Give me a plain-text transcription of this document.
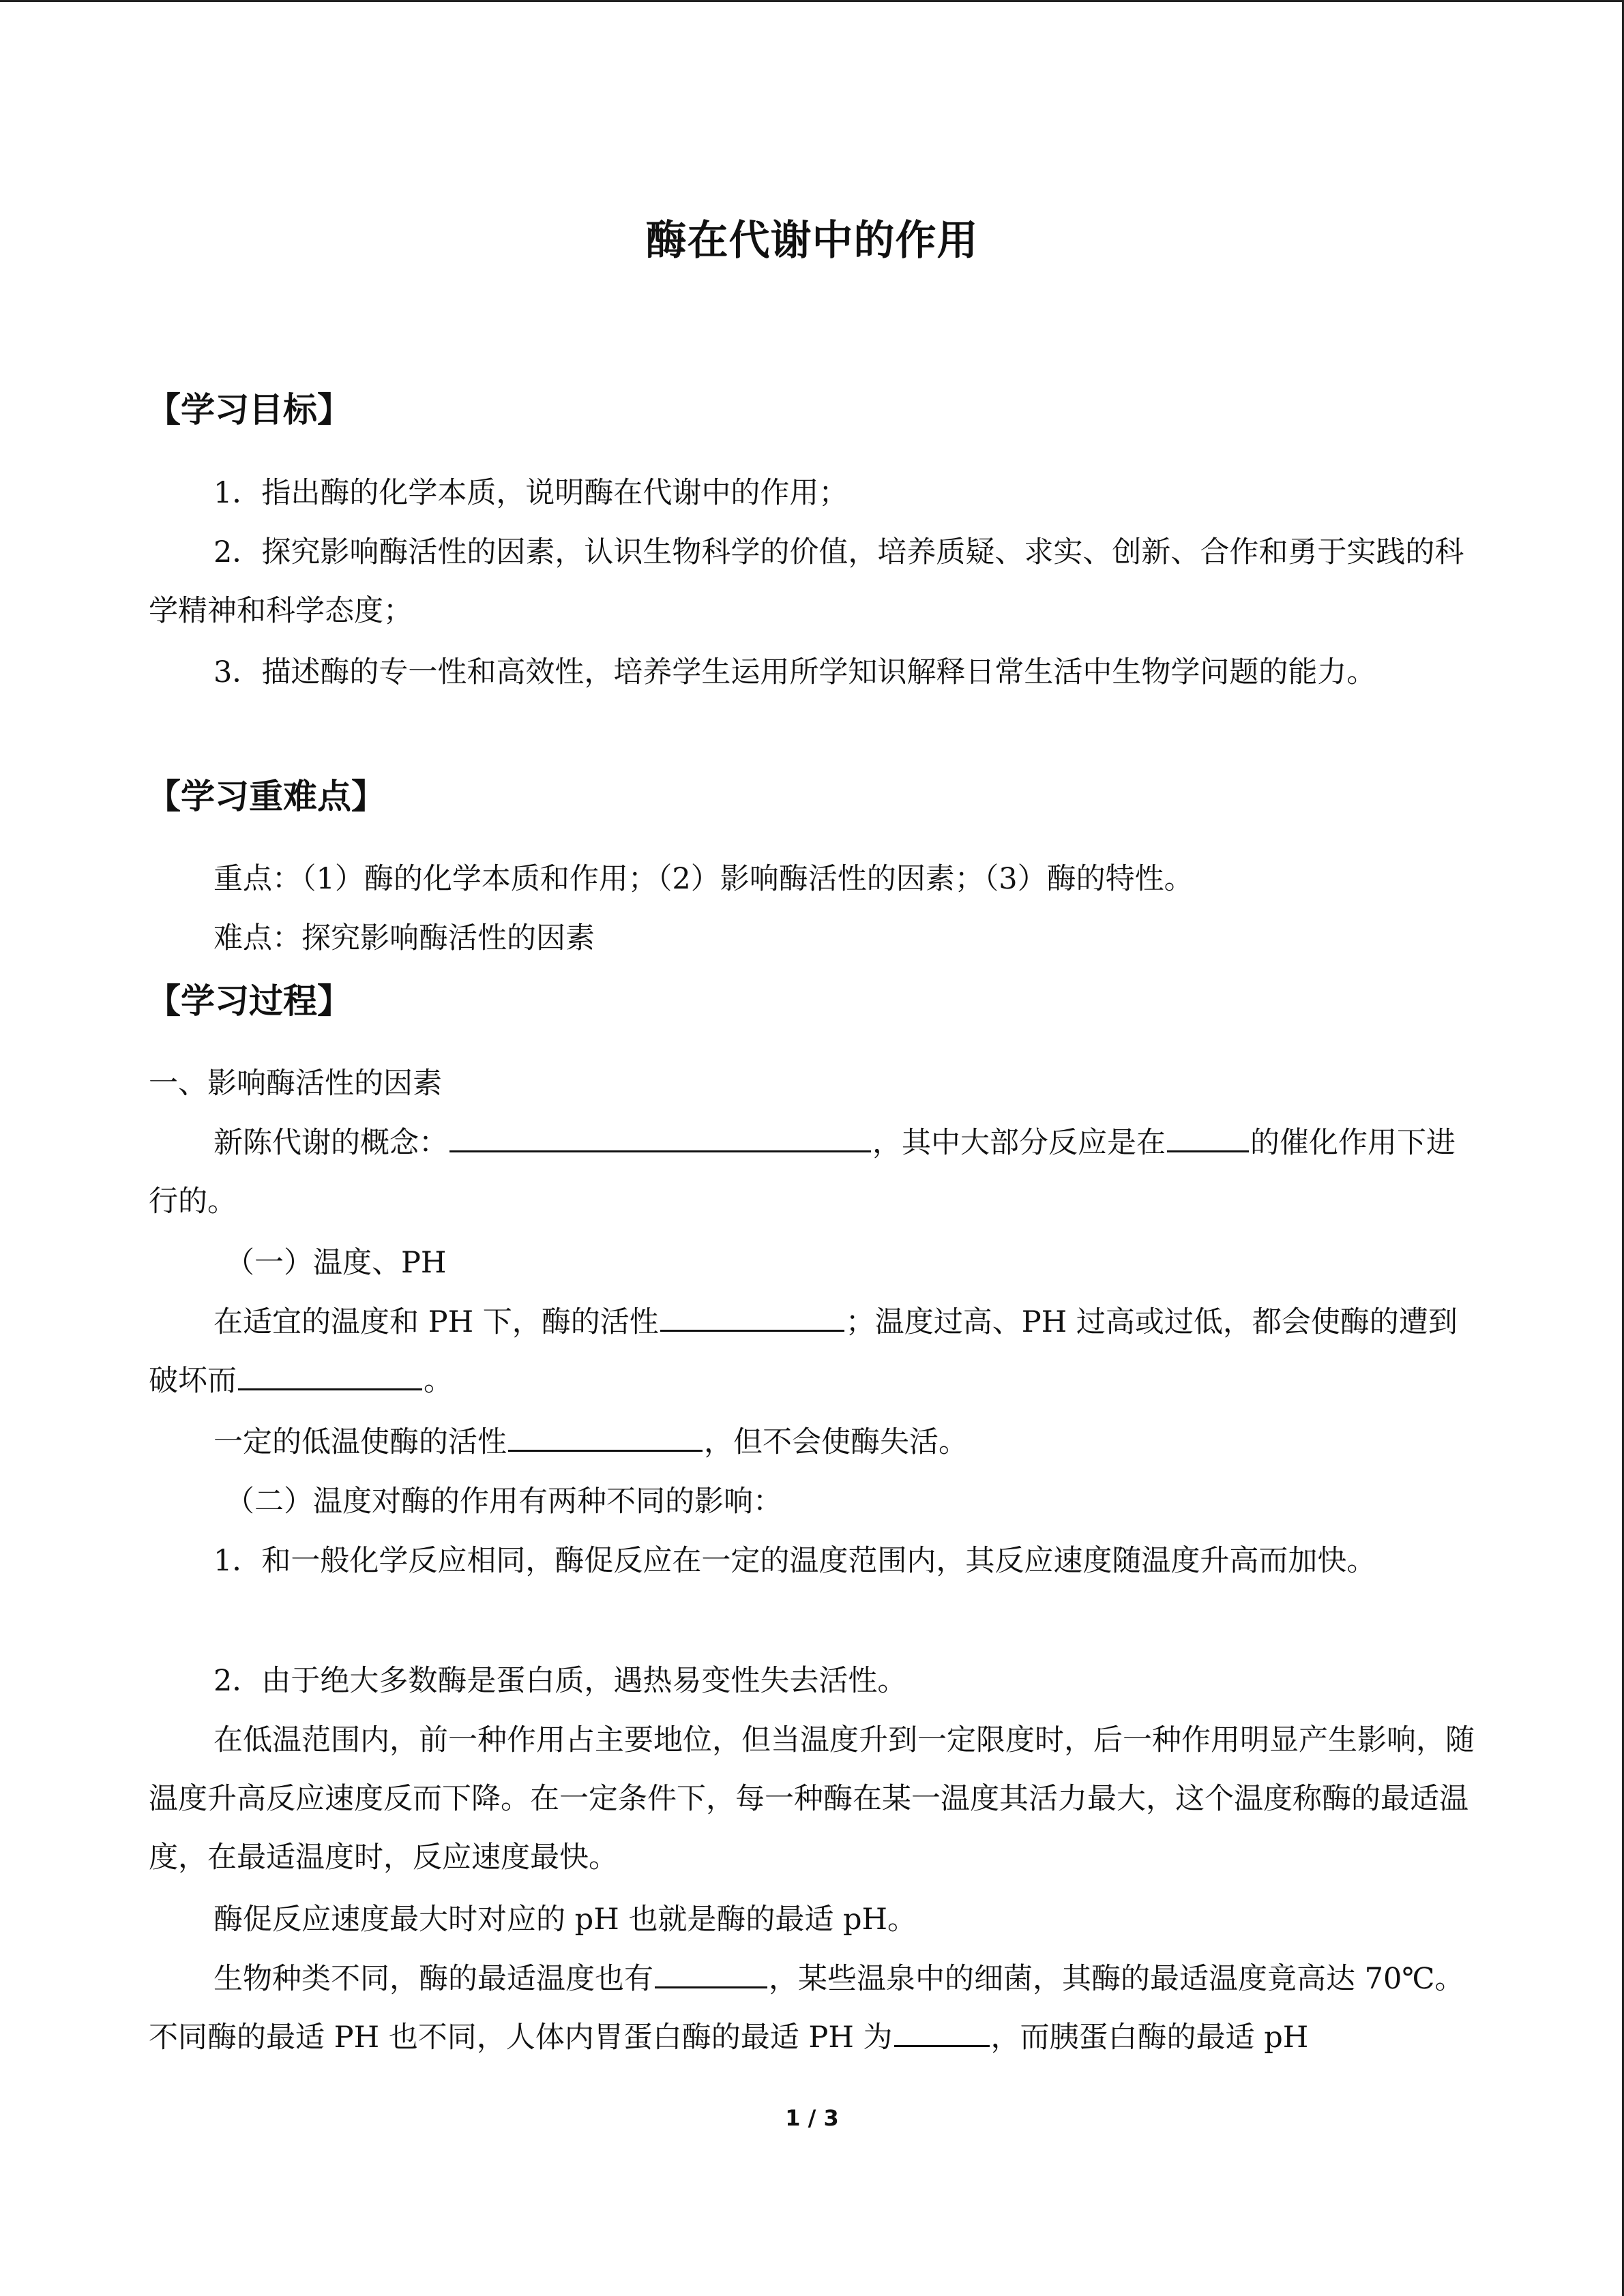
酶在代谢中的作用
【学习目标】
1．指出酶的化学本质，说明酶在代谢中的作用；
2．探究影响酶活性的因素，认识生物科学的价值，培养质疑、求实、创新、合作和勇于实践的科学精神和科学态度；
3．描述酶的专一性和高效性，培养学生运用所学知识解释日常生活中生物学问题的能力。
【学习重难点】
重点：（1）酶的化学本质和作用；（2）影响酶活性的因素；（3）酶的特性。
难点：探究影响酶活性的因素
【学习过程】
一、影响酶活性的因素
新陈代谢的概念：	，其中大部分反应是在	的催化作用下进行的。
（一）温度、PH
在适宜的温度和 PH 下，酶的活性	；温度过高、PH 过高或过低，都会使酶的遭到破坏而	。
一定的低温使酶的活性	，但不会使酶失活。
（二）温度对酶的作用有两种不同的影响：
1．和一般化学反应相同，酶促反应在一定的温度范围内，其反应速度随温度升高而加快。
2．由于绝大多数酶是蛋白质，遇热易变性失去活性。
在低温范围内，前一种作用占主要地位，但当温度升到一定限度时，后一种作用明显产生影响，随温度升高反应速度反而下降。在一定条件下，每一种酶在某一温度其活力最大，这个温度称酶的最适温度，在最适温度时，反应速度最快。
酶促反应速度最大时对应的 pH 也就是酶的最适 pH。
生物种类不同，酶的最适温度也有	，某些温泉中的细菌，其酶的最适温度竟高达 70℃。不同酶的最适 PH 也不同，人体内胃蛋白酶的最适 PH 为	，而胰蛋白酶的最适 pH
1 / 3
